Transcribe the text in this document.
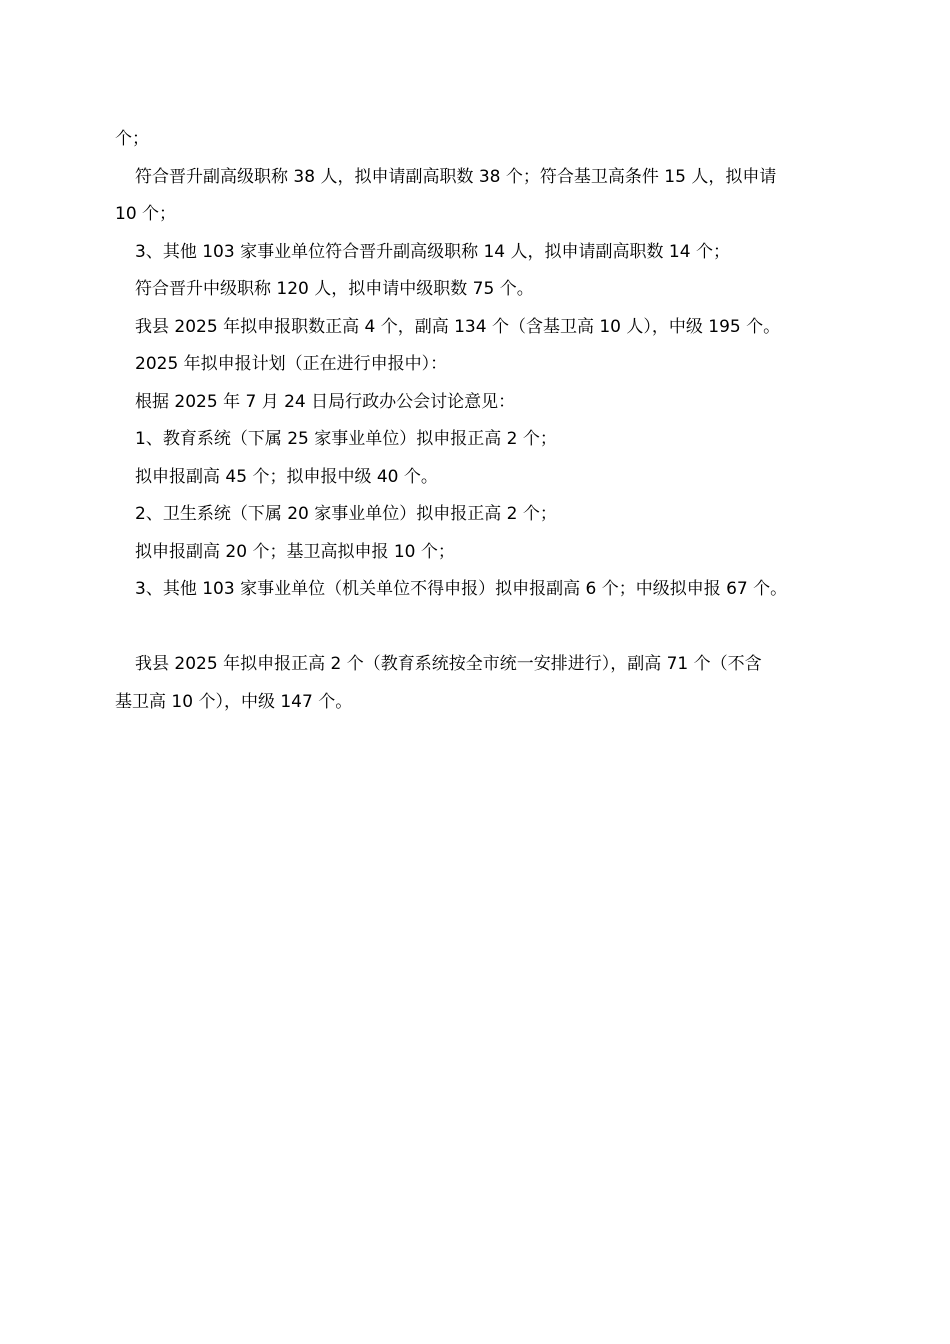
个；

符合晋升副高级职称 38 人，拟申请副高职数 38 个；符合基卫高条件 15 人，拟申请

10 个；

3、其他 103 家事业单位符合晋升副高级职称 14 人，拟申请副高职数 14 个；

符合晋升中级职称 120 人，拟申请中级职数 75 个。

我县 2025 年拟申报职数正高 4 个，副高 134 个（含基卫高 10 人），中级 195 个。

2025 年拟申报计划（正在进行申报中）：

根据 2025 年 7 月 24 日局行政办公会讨论意见：

1、教育系统（下属 25 家事业单位）拟申报正高 2 个；

拟申报副高 45 个；拟申报中级 40 个。

2、卫生系统（下属 20 家事业单位）拟申报正高 2 个；

拟申报副高 20 个；基卫高拟申报 10 个；

3、其他 103 家事业单位（机关单位不得申报）拟申报副高 6 个；中级拟申报 67 个。

我县 2025 年拟申报正高 2 个（教育系统按全市统一安排进行），副高 71 个（不含

基卫高 10 个），中级 147 个。
